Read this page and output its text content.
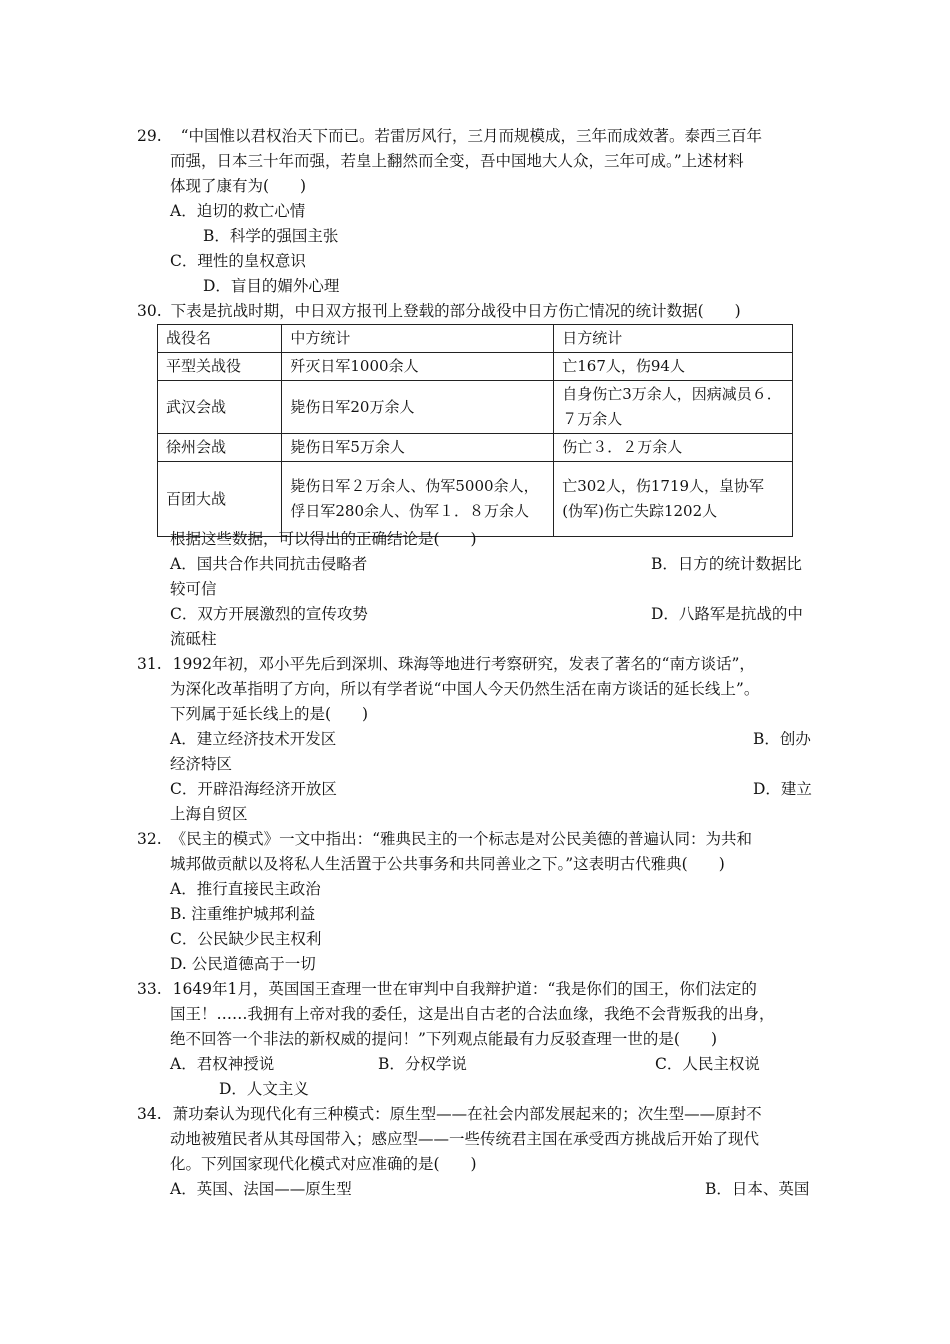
29. “中国惟以君权治天下而已。若雷厉风行，三月而规模成，三年而成效著。泰西三百年
而强，日本三十年而强，若皇上翻然而全变，吾中国地大人众，三年可成。”上述材料
体现了康有为(　　)
A．迫切的救亡心情
B．科学的强国主张
C．理性的皇权意识
D．盲目的媚外心理
30. 下表是抗战时期，中日双方报刊上登载的部分战役中日方伤亡情况的统计数据(　　)
战役名	中方统计	日方统计
平型关战役	歼灭日军1000余人	亡167人，伤94人
武汉会战	毙伤日军20万余人	自身伤亡3万余人，因病减员６．７万余人
徐州会战	毙伤日军5万余人	伤亡３．２万余人
百团大战	毙伤日军２万余人、伪军5000余人，俘日军280余人、伪军１．８万余人	亡302人，伤1719人，皇协军(伪军)伤亡失踪1202人
根据这些数据，可以得出的正确结论是(　　)
A．国共合作共同抗击侵略者	B．日方的统计数据比
较可信
C．双方开展激烈的宣传攻势	D．八路军是抗战的中
流砥柱
31. 1992年初，邓小平先后到深圳、珠海等地进行考察研究，发表了著名的“南方谈话”，
为深化改革指明了方向，所以有学者说“中国人今天仍然生活在南方谈话的延长线上”。
下列属于延长线上的是(　　)
A．建立经济技术开发区	B．创办
经济特区
C．开辟沿海经济开放区	D．建立
上海自贸区
32. 《民主的模式》一文中指出：“雅典民主的一个标志是对公民美德的普遍认同：为共和
城邦做贡献以及将私人生活置于公共事务和共同善业之下。”这表明古代雅典(　　)
A．推行直接民主政治
B. 注重维护城邦利益
C．公民缺少民主权利
D. 公民道德高于一切
33. 1649年1月，英国国王查理一世在审判中自我辩护道：“我是你们的国王，你们法定的
国王！……我拥有上帝对我的委任，这是出自古老的合法血缘，我绝不会背叛我的出身，
绝不回答一个非法的新权威的提问！”下列观点能最有力反驳查理一世的是(　　)
A．君权神授说	B．分权学说	C．人民主权说
D．人文主义
34. 萧功秦认为现代化有三种模式：原生型——在社会内部发展起来的；次生型——原封不
动地被殖民者从其母国带入；感应型——一些传统君主国在承受西方挑战后开始了现代
化。下列国家现代化模式对应准确的是(　　)
A．英国、法国——原生型	B．日本、英国
